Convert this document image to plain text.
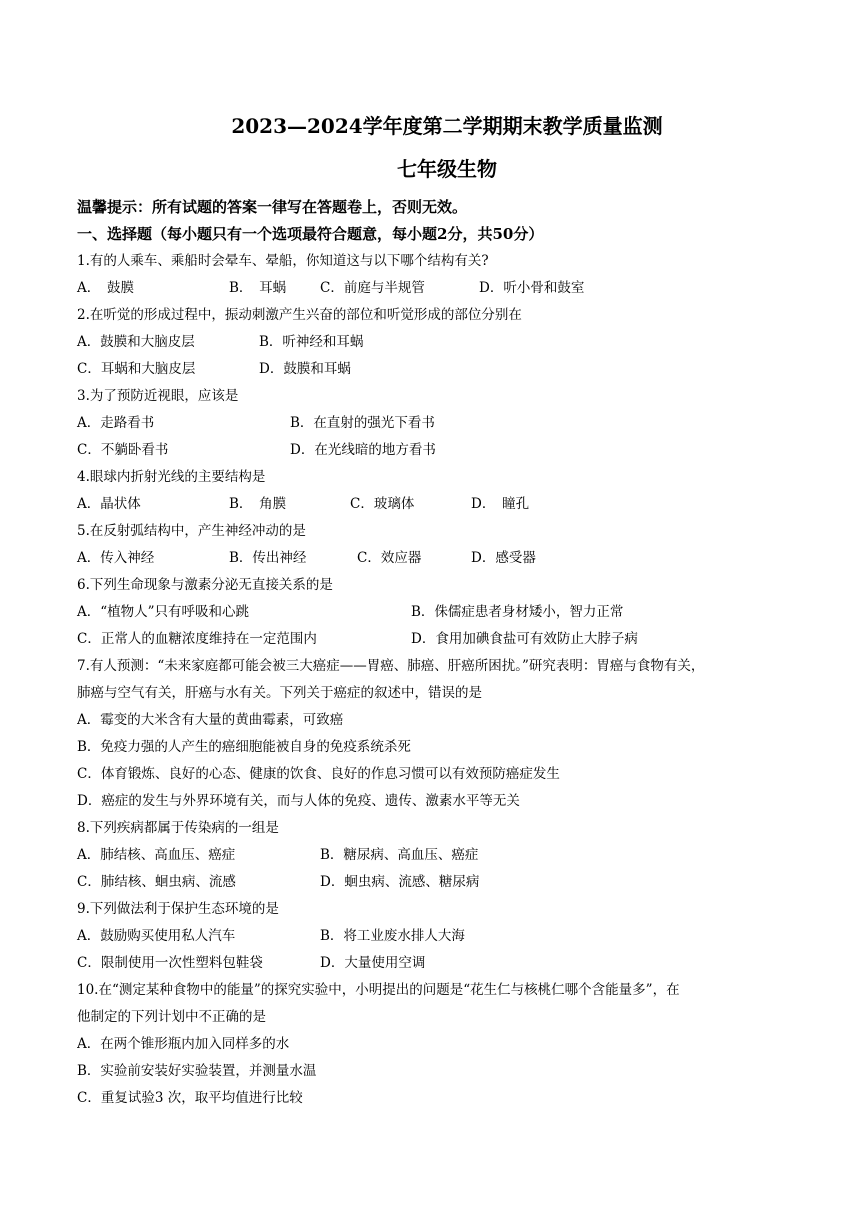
2023—2024学年度第二学期期末教学质量监测
七年级生物
温馨提示：所有试题的答案一律写在答题卷上，否则无效。
一、选择题（每小题只有一个选项最符合题意，每小题2分，共50分）
1.有的人乘车、乘船时会晕车、晕船，你知道这与以下哪个结构有关?
A．　鼓膜	B．　耳蜗	C．前庭与半规管	D．听小骨和鼓室
2.在听觉的形成过程中，振动刺激产生兴奋的部位和听觉形成的部位分别在
A．鼓膜和大脑皮层	B．听神经和耳蜗
C．耳蜗和大脑皮层	D．鼓膜和耳蜗
3.为了预防近视眼，应该是
A．走路看书	B．在直射的强光下看书
C．不躺卧看书	D．在光线暗的地方看书
4.眼球内折射光线的主要结构是
A．晶状体	B．　角膜	C．玻璃体	D．　瞳孔
5.在反射弧结构中，产生神经冲动的是
A．传入神经	B．传出神经	C．效应器	D．感受器
6.下列生命现象与激素分泌无直接关系的是
A．“植物人”只有呼吸和心跳	B．侏儒症患者身材矮小，智力正常
C．正常人的血糖浓度维持在一定范围内	D．食用加碘食盐可有效防止大脖子病
7.有人预测：“未来家庭都可能会被三大癌症——胃癌、肺癌、肝癌所困扰。”研究表明：胃癌与食物有关，
肺癌与空气有关，肝癌与水有关。下列关于癌症的叙述中，错误的是
A．霉变的大米含有大量的黄曲霉素，可致癌
B．免疫力强的人产生的癌细胞能被自身的免疫系统杀死
C．体育锻炼、良好的心态、健康的饮食、良好的作息习惯可以有效预防癌症发生
D．癌症的发生与外界环境有关，而与人体的免疫、遗传、激素水平等无关
8.下列疾病都属于传染病的一组是
A．肺结核、高血压、癌症	B．糖尿病、高血压、癌症
C．肺结核、蛔虫病、流感	D．蛔虫病、流感、糖尿病
9.下列做法利于保护生态环境的是
A．鼓励购买使用私人汽车	B．将工业废水排人大海
C．限制使用一次性塑料包鞋袋	D．大量使用空调
10.在“测定某种食物中的能量”的探究实验中，小明提出的问题是“花生仁与核桃仁哪个含能量多”，在
他制定的下列计划中不正确的是
A．在两个锥形瓶内加入同样多的水
B．实验前安装好实验装置，并测量水温
C．重复试验3 次，取平均值进行比较
